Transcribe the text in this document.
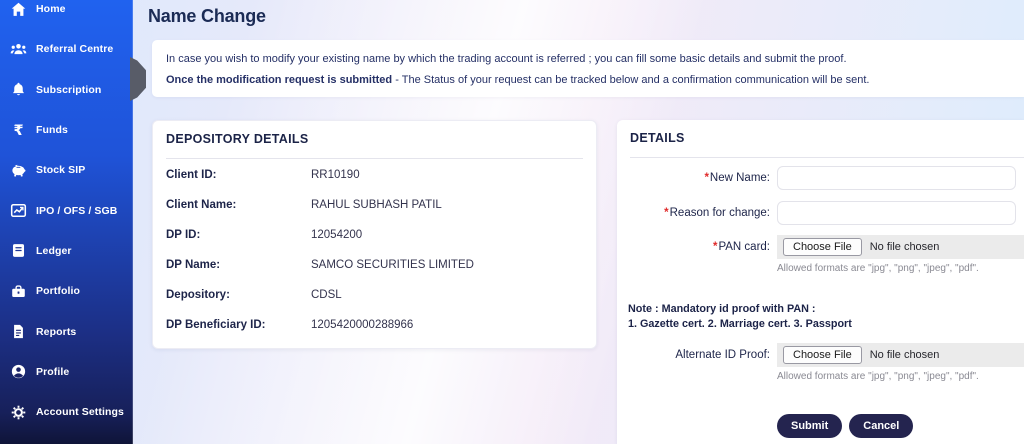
Home
Referral Centre
Subscription
₹ Funds
Stock SIP
IPO / OFS / SGB
Ledger
Portfolio
Reports
Profile
Account Settings
Name Change

In case you wish to modify your existing name by which the trading account is referred ; you can fill some basic details and submit the proof.

Once the modification request is submitted - The Status of your request can be tracked below and a confirmation communication will be sent.

DEPOSITORY DETAILS
Client ID:	RR10190
Client Name:	RAHUL SUBHASH PATIL
DP ID:	12054200
DP Name:	SAMCO SECURITIES LIMITED
Depository:	CDSL
DP Beneficiary ID:	1205420000288966
DETAILS
*New Name:
*Reason for change:
*PAN card:	Choose File	No file chosen
Allowed formats are "jpg", "png", "jpeg", "pdf".
Note : Mandatory id proof with PAN :
1. Gazette cert. 2. Marriage cert. 3. Passport
Alternate ID Proof:	Choose File	No file chosen
Allowed formats are "jpg", "png", "jpeg", "pdf".
Submit	Cancel
